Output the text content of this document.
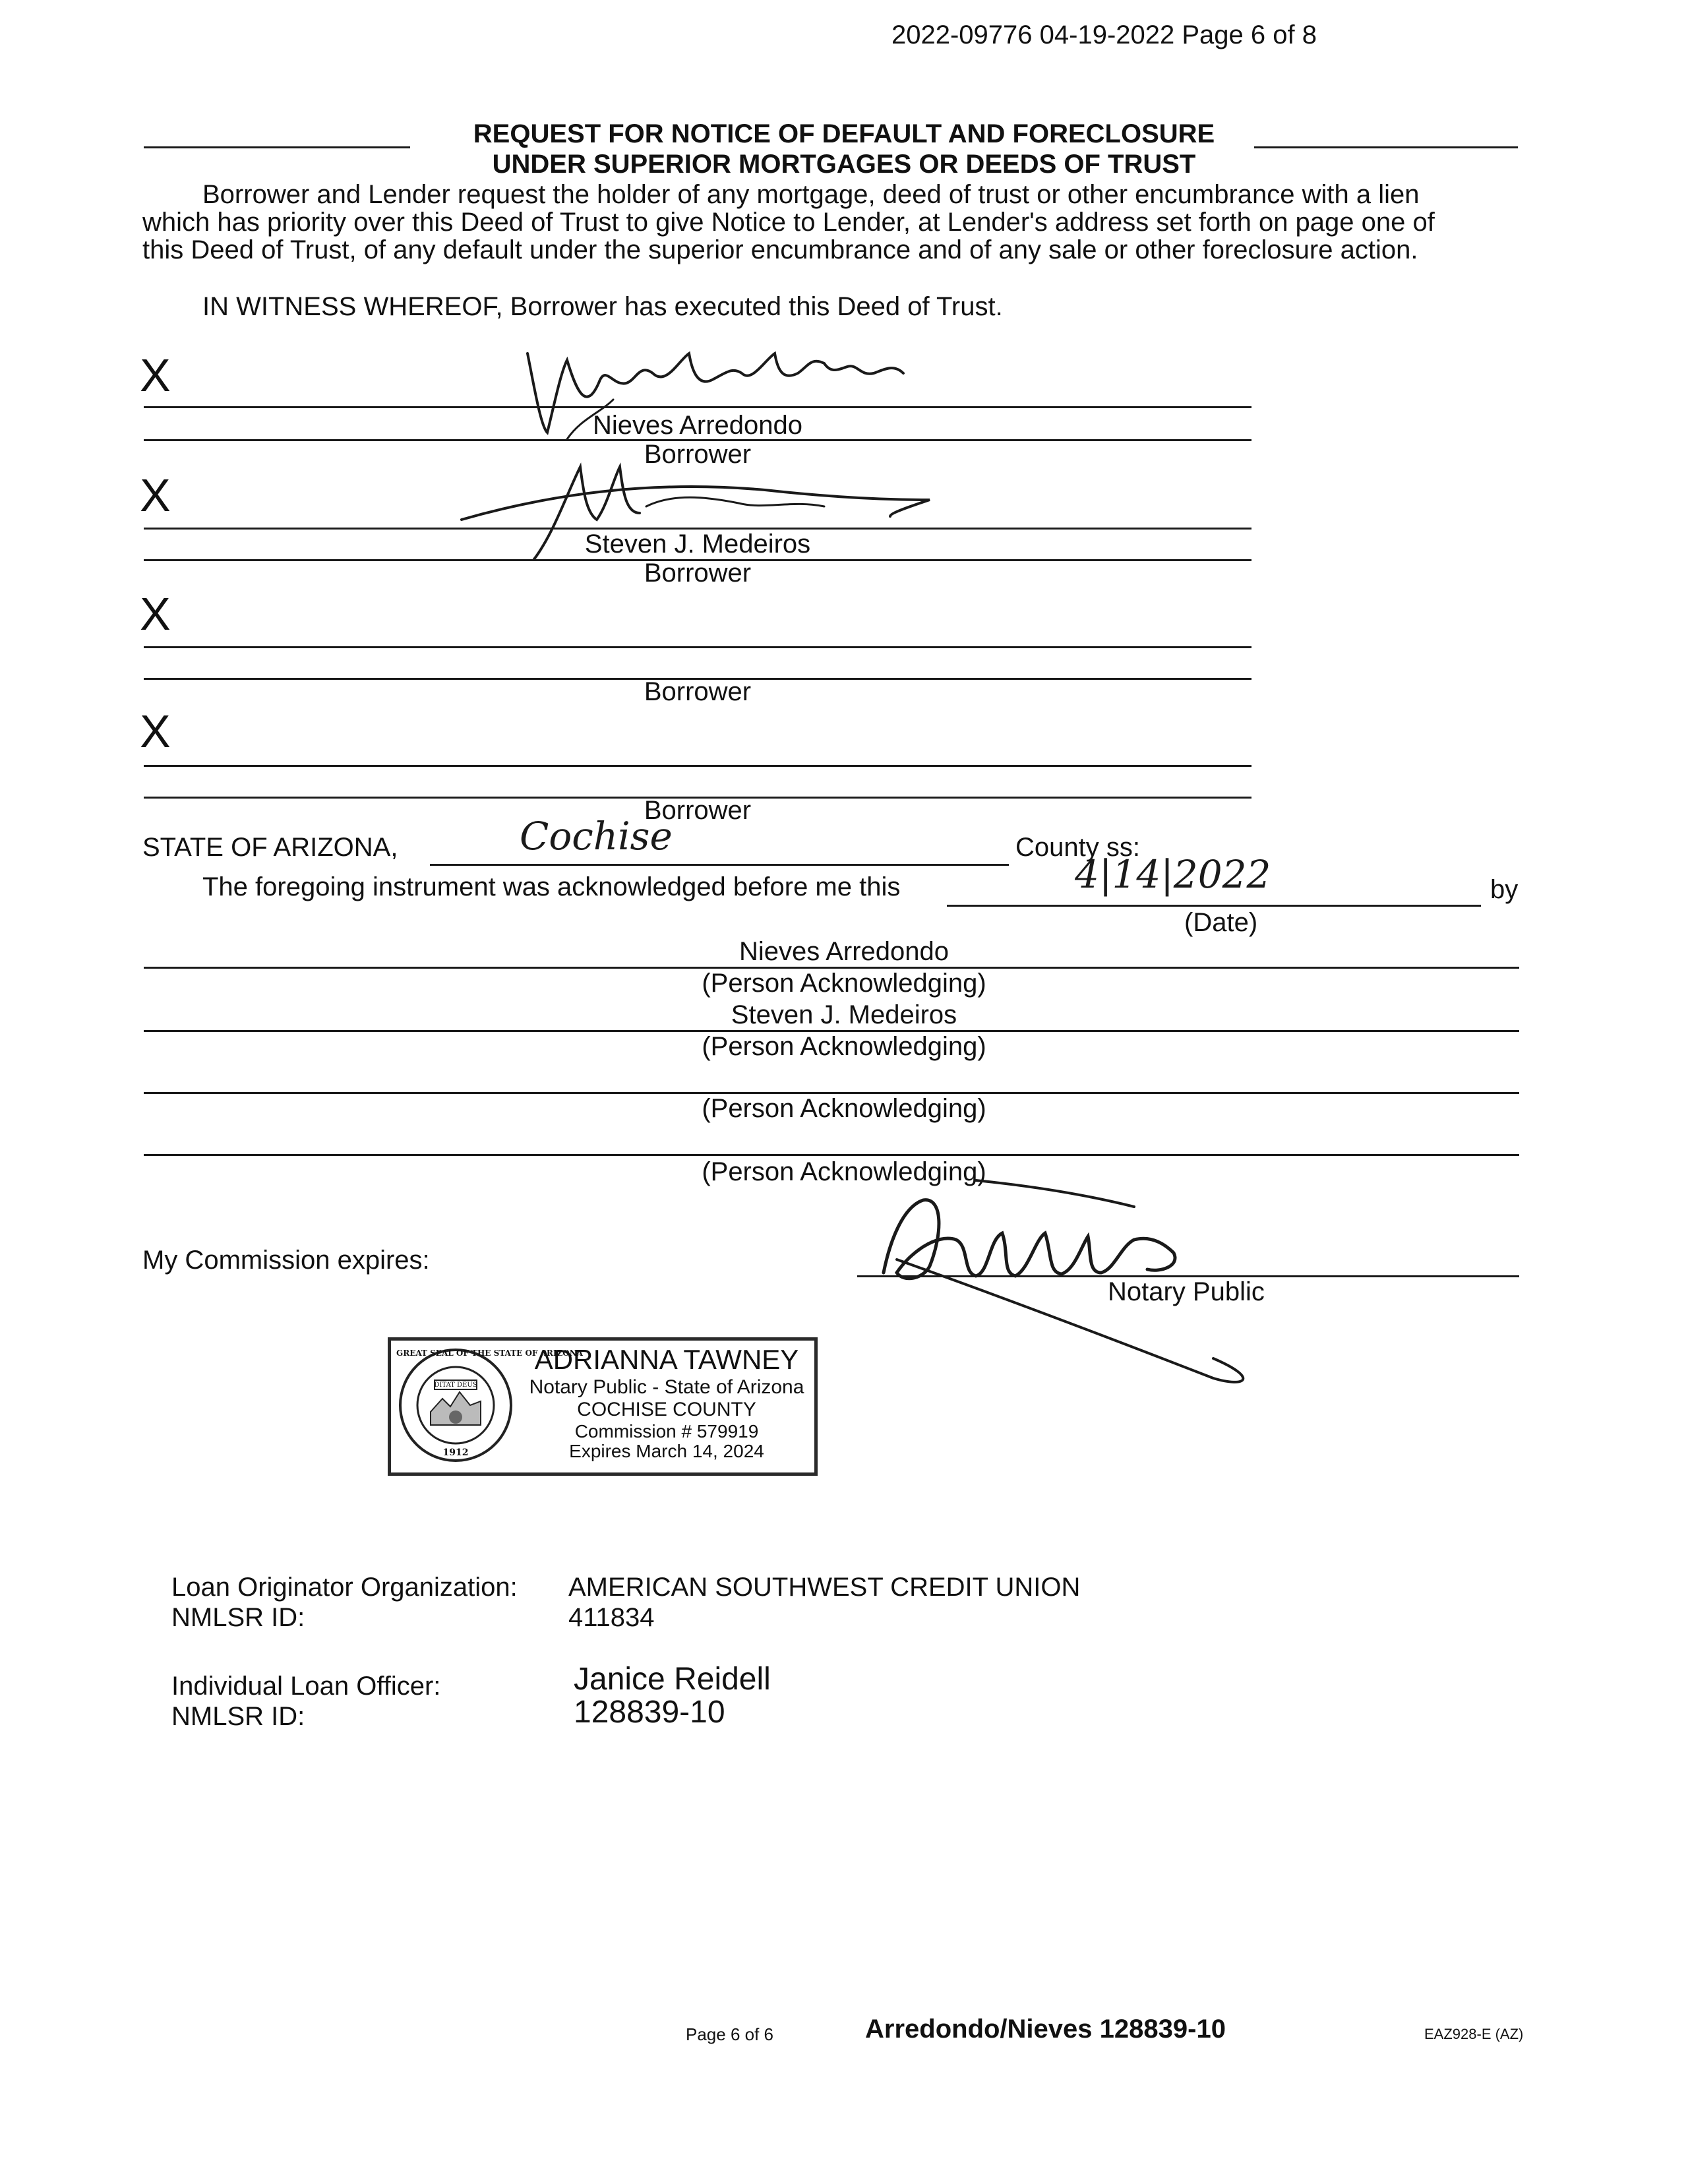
2022-09776 04-19-2022 Page 6 of 8
REQUEST FOR NOTICE OF DEFAULT AND FORECLOSURE
UNDER SUPERIOR MORTGAGES OR DEEDS OF TRUST
Borrower and Lender request the holder of any mortgage, deed of trust or other encumbrance with a lien
which has priority over this Deed of Trust to give Notice to Lender, at Lender's address set forth on page one of
this Deed of Trust, of any default under the superior encumbrance and of any sale or other foreclosure action.
IN WITNESS WHEREOF, Borrower has executed this Deed of Trust.
X
Nieves Arredondo
Borrower
X
Steven J. Medeiros
Borrower
X
Borrower
X
Borrower
STATE OF ARIZONA,	Cochise	County ss:
The foregoing instrument was acknowledged before me this	4|14|2022	by
(Date)
Nieves Arredondo
(Person Acknowledging)
Steven J. Medeiros
(Person Acknowledging)
(Person Acknowledging)
(Person Acknowledging)
My Commission expires:
Notary Public
GREAT SEAL OF THE STATE OF ARIZONA
DITAT DEUS
1912
ADRIANNA TAWNEY
Notary Public - State of Arizona
COCHISE COUNTY
Commission # 579919
Expires March 14, 2024
Loan Originator Organization: AMERICAN SOUTHWEST CREDIT UNION
NMLSR ID:	411834
Individual Loan Officer:	Janice Reidell
NMLSR ID:	128839-10
Page 6 of 6	Arredondo/Nieves 128839-10	EAZ928-E (AZ)
